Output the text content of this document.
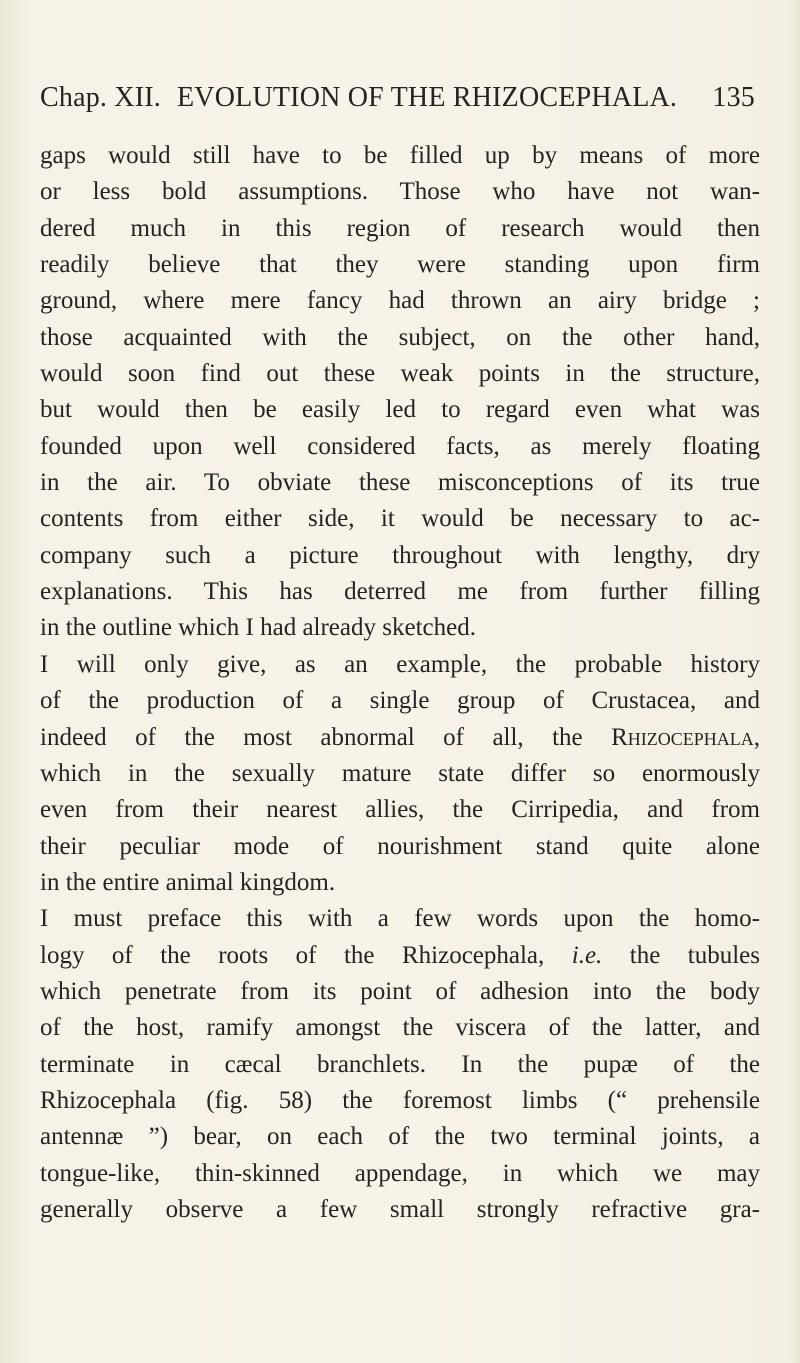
Chap. XII. EVOLUTION OF THE RHIZOCEPHALA. 135
gaps would still have to be filled up by means of more
or less bold assumptions. Those who have not wan-
dered much in this region of research would then
readily believe that they were standing upon firm
ground, where mere fancy had thrown an airy bridge ;
those acquainted with the subject, on the other hand,
would soon find out these weak points in the structure,
but would then be easily led to regard even what was
founded upon well considered facts, as merely floating
in the air. To obviate these misconceptions of its true
contents from either side, it would be necessary to ac-
company such a picture throughout with lengthy, dry
explanations. This has deterred me from further filling
in the outline which I had already sketched.
I will only give, as an example, the probable history
of the production of a single group of Crustacea, and
indeed of the most abnormal of all, the Rhizocephala,
which in the sexually mature state differ so enormously
even from their nearest allies, the Cirripedia, and from
their peculiar mode of nourishment stand quite alone
in the entire animal kingdom.
I must preface this with a few words upon the homo-
logy of the roots of the Rhizocephala, i.e. the tubules
which penetrate from its point of adhesion into the body
of the host, ramify amongst the viscera of the latter, and
terminate in cæcal branchlets. In the pupæ of the
Rhizocephala (fig. 58) the foremost limbs (“ prehensile
antennæ ”) bear, on each of the two terminal joints, a
tongue-like, thin-skinned appendage, in which we may
generally observe a few small strongly refractive gra-
